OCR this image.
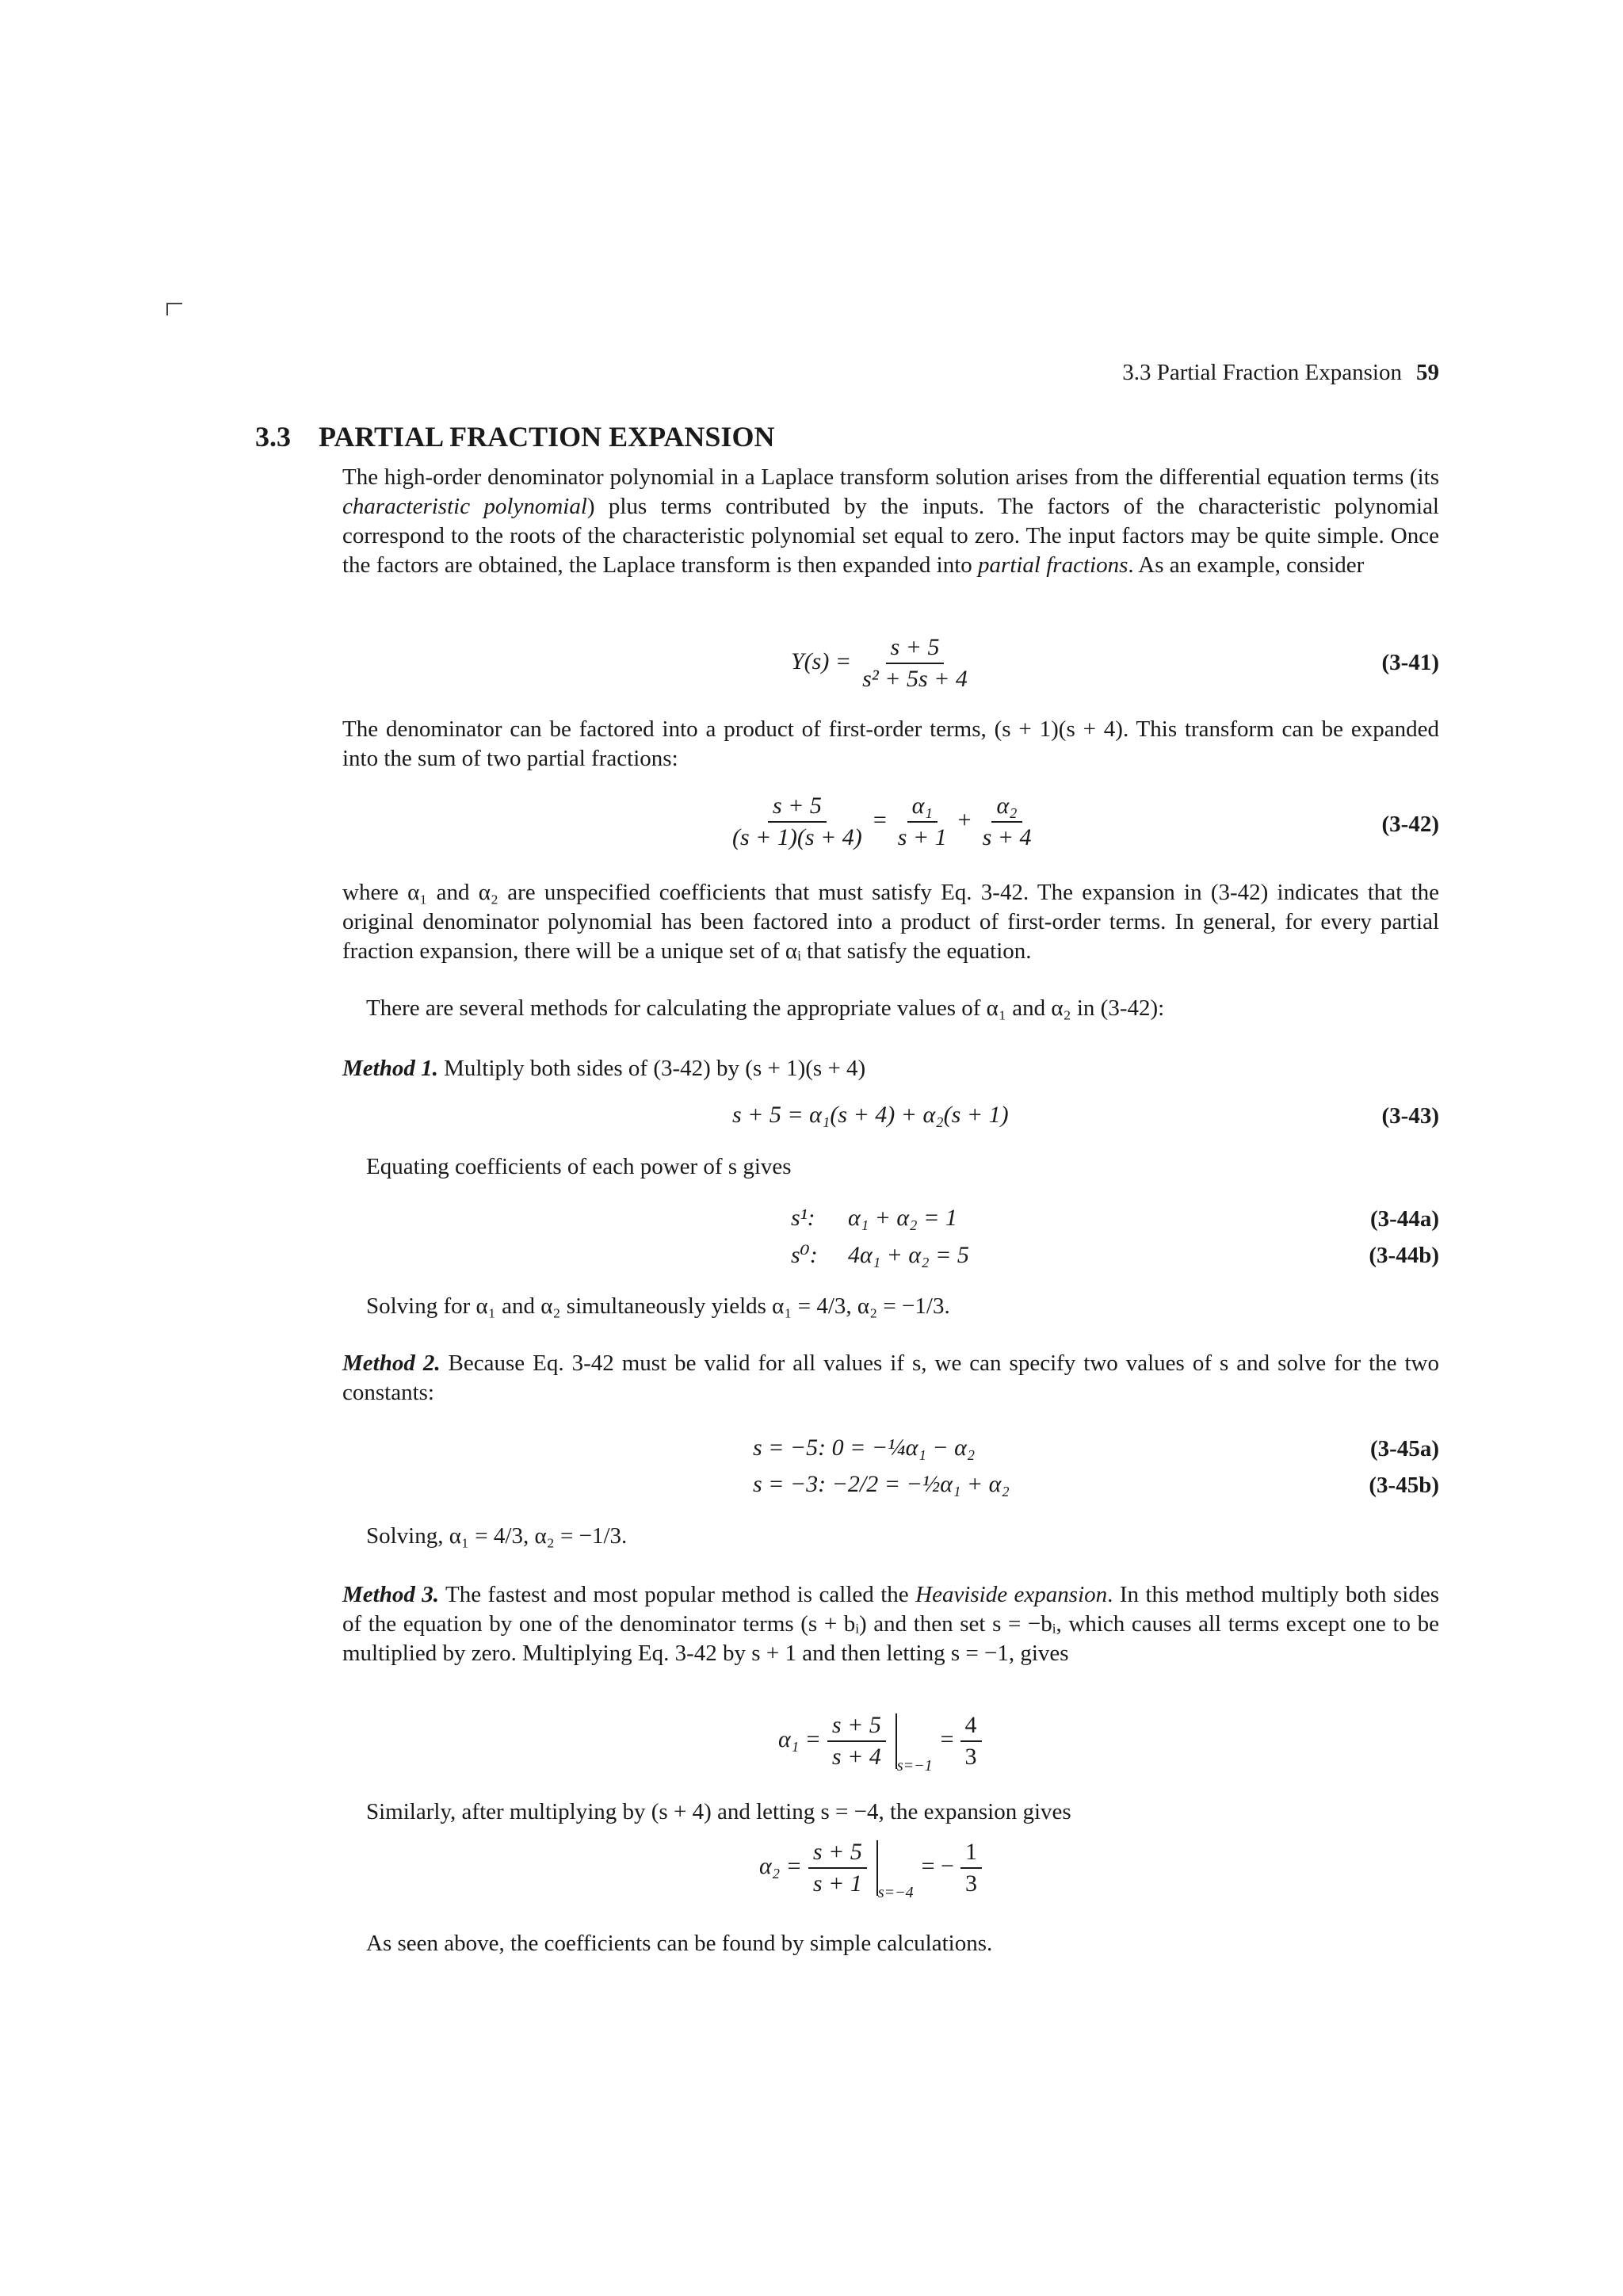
3.3 Partial Fraction Expansion 59
3.3 PARTIAL FRACTION EXPANSION
The high-order denominator polynomial in a Laplace transform solution arises from the differential equation terms (its characteristic polynomial) plus terms contributed by the inputs. The factors of the characteristic polynomial correspond to the roots of the characteristic polynomial set equal to zero. The input factors may be quite simple. Once the factors are obtained, the Laplace transform is then expanded into partial fractions. As an example, consider
$Y(s) = \frac{s + 5}{\text{s² + 5s + 4}}$	(3-41)
The denominator can be factored into a product of first-order terms, (s + 1)(s + 4). This transform can be expanded into the sum of two partial fractions:
$\frac{s + 5}{(s + 1)(s + 4)} = \frac{\text{α₁}}{s + 1} + \frac{\text{α₂}}{s + 4}$	(3-42)
where α₁ and α₂ are unspecified coefficients that must satisfy Eq. 3-42. The expansion in (3-42) indicates that the original denominator polynomial has been factored into a product of first-order terms. In general, for every partial fraction expansion, there will be a unique set of αᵢ that satisfy the equation.
There are several methods for calculating the appropriate values of α₁ and α₂ in (3-42):
Method 1. Multiply both sides of (3-42) by (s + 1)(s + 4)
s + 5 = α₁(s + 4) + α₂(s + 1)	(3-43)
Equating coefficients of each power of s gives
s¹: α₁ + α₂ = 1	(3-44a)
s⁰: 4α₁ + α₂ = 5	(3-44b)
Solving for α₁ and α₂ simultaneously yields α₁ = 4/3, α₂ = −1/3.
Method 2. Because Eq. 3-42 must be valid for all values if s, we can specify two values of s and solve for the two constants:
s = −5: 0 = −¼α₁ − α₂	(3-45a)
s = −3: −2/2 = −½α₁ + α₂	(3-45b)
Solving, α₁ = 4/3, α₂ = −1/3.
Method 3. The fastest and most popular method is called the Heaviside expansion. In this method multiply both sides of the equation by one of the denominator terms (s + bᵢ) and then set s = −bᵢ, which causes all terms except one to be multiplied by zero. Multiplying Eq. 3-42 by s + 1 and then letting s = −1, gives
$\alpha_1 = \frac{s + 5}{s + 4} _{s=-1}= \frac{4}{3}$
Similarly, after multiplying by (s + 4) and letting s = −4, the expansion gives
$\alpha_2 = \frac{s + 5}{s + 1} _{s=-4}= - \frac{1}{3}$
As seen above, the coefficients can be found by simple calculations.
